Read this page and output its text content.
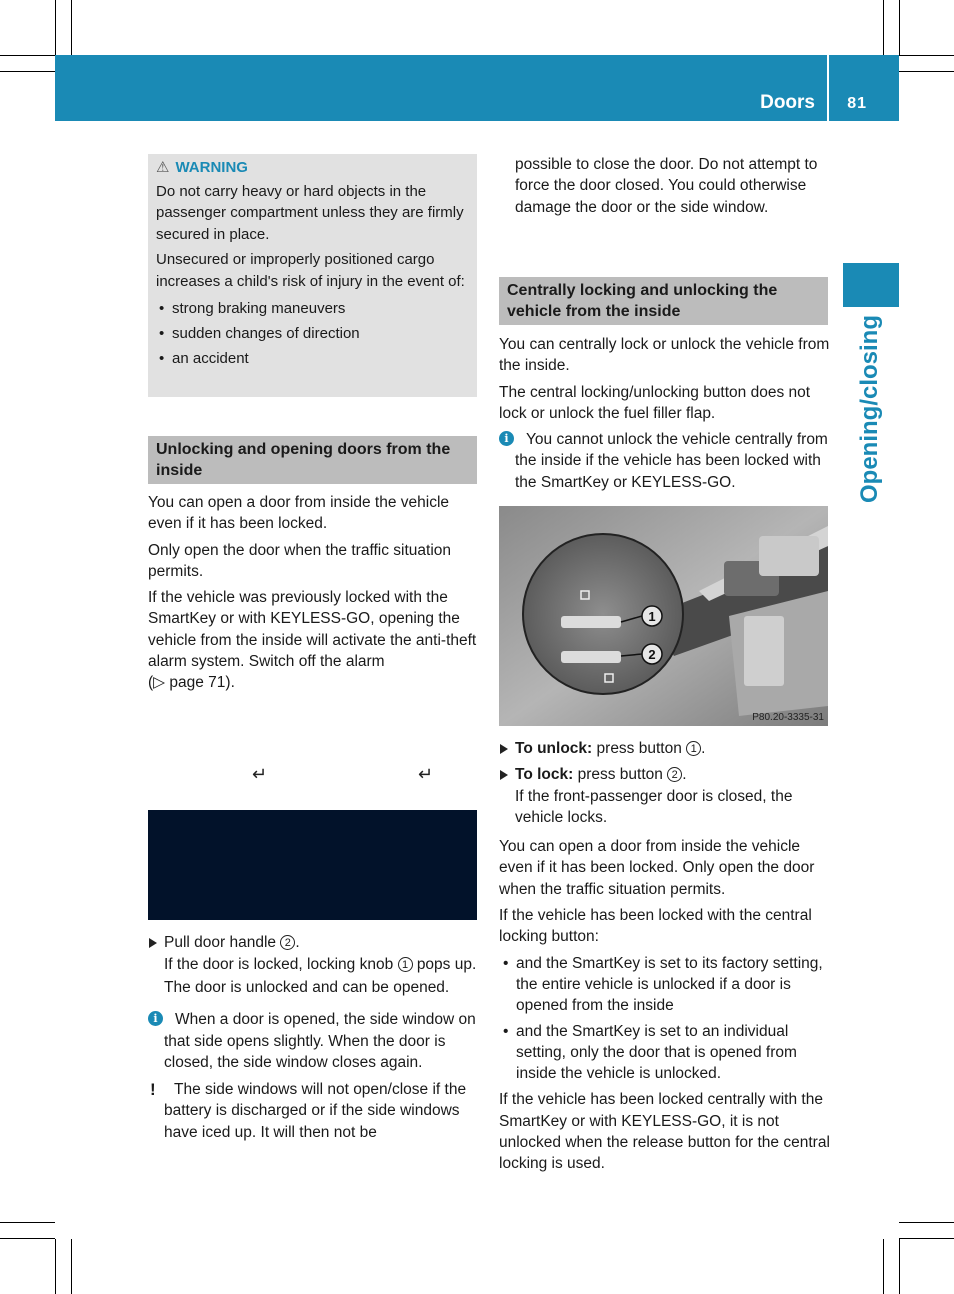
Doors 81
Opening/closing
⚠ WARNING

Do not carry heavy or hard objects in the passenger compartment unless they are firmly secured in place.

Unsecured or improperly positioned cargo increases a child's risk of injury in the event of:

• strong braking maneuvers
• sudden changes of direction
• an accident
Unlocking and opening doors from the inside

You can open a door from inside the vehicle even if it has been locked.

Only open the door when the traffic situation permits.

If the vehicle was previously locked with the SmartKey or with KEYLESS-GO, opening the vehicle from the inside will activate the anti-theft alarm system. Switch off the alarm

(▷ page 71).

↵	↵
Pull door handle 2 .
If the door is locked, locking knob 1 pops up. The door is unlocked and can be opened.
i	When a door is opened, the side window on that side opens slightly. When the door is closed, the side window closes again.
! The side windows will not open/close if the battery is discharged or if the side windows have iced up. It will then not be
possible to close the door. Do not attempt to force the door closed. You could otherwise damage the door or the side window.
Centrally locking and unlocking the vehicle from the inside

You can centrally lock or unlock the vehicle from the inside.

The central locking/unlocking button does not lock or unlock the fuel filler flap.

i	You cannot unlock the vehicle centrally from the inside if the vehicle has been locked with the SmartKey or KEYLESS-GO.
1
2
P80.20-3335-31
To unlock: press button 1 .
To lock: press button 2 .

If the front-passenger door is closed, the vehicle locks.

You can open a door from inside the vehicle even if it has been locked. Only open the door when the traffic situation permits.

If the vehicle has been locked with the central locking button:

• and the SmartKey is set to its factory setting, the entire vehicle is unlocked if a door is opened from the inside
• and the SmartKey is set to an individual setting, only the door that is opened from inside the vehicle is unlocked.

If the vehicle has been locked centrally with the SmartKey or with KEYLESS-GO, it is not unlocked when the release button for the central locking is used.
